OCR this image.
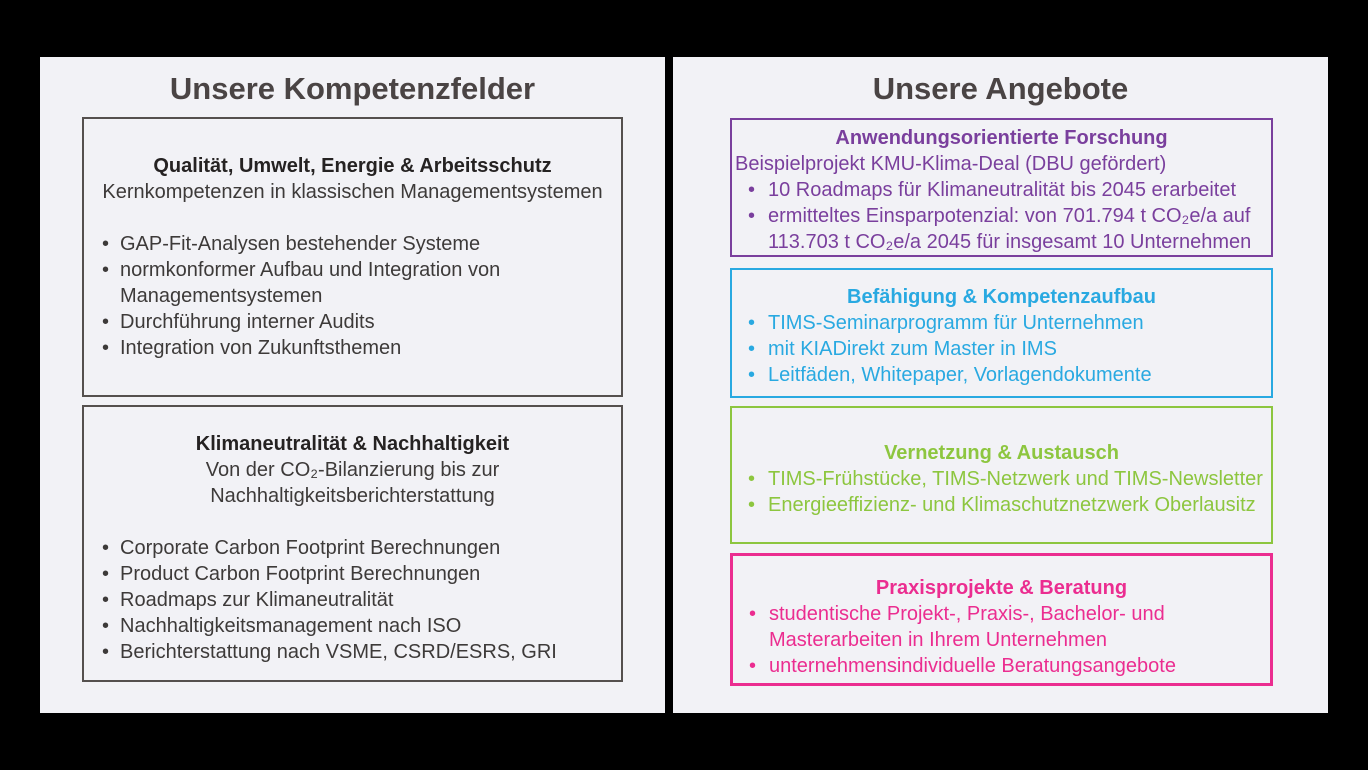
Unsere Kompetenzfelder
Qualität, Umwelt, Energie & Arbeitsschutz
Kernkompetenzen in klassischen Managementsystemen
• GAP-Fit-Analysen bestehender Systeme
• normkonformer Aufbau und Integration von Managementsystemen
• Durchführung interner Audits
• Integration von Zukunftsthemen
Klimaneutralität & Nachhaltigkeit
Von der CO₂-Bilanzierung bis zur Nachhaltigkeitsberichterstattung
• Corporate Carbon Footprint Berechnungen
• Product Carbon Footprint Berechnungen
• Roadmaps zur Klimaneutralität
• Nachhaltigkeitsmanagement nach ISO
• Berichterstattung nach VSME, CSRD/ESRS, GRI
Unsere Angebote
Anwendungsorientierte Forschung
Beispielprojekt KMU-Klima-Deal (DBU gefördert)
• 10 Roadmaps für Klimaneutralität bis 2045 erarbeitet
• ermitteltes Einsparpotenzial: von 701.794 t CO₂e/a auf 113.703 t CO₂e/a 2045 für insgesamt 10 Unternehmen
Befähigung & Kompetenzaufbau
• TIMS-Seminarprogramm für Unternehmen
• mit KIADirekt zum Master in IMS
• Leitfäden, Whitepaper, Vorlagendokumente
Vernetzung & Austausch
• TIMS-Frühstücke, TIMS-Netzwerk und TIMS-Newsletter
• Energieeffizienz- und Klimaschutznetzwerk Oberlausitz
Praxisprojekte & Beratung
• studentische Projekt-, Praxis-, Bachelor- und Masterarbeiten in Ihrem Unternehmen
• unternehmensindividuelle Beratungsangebote
